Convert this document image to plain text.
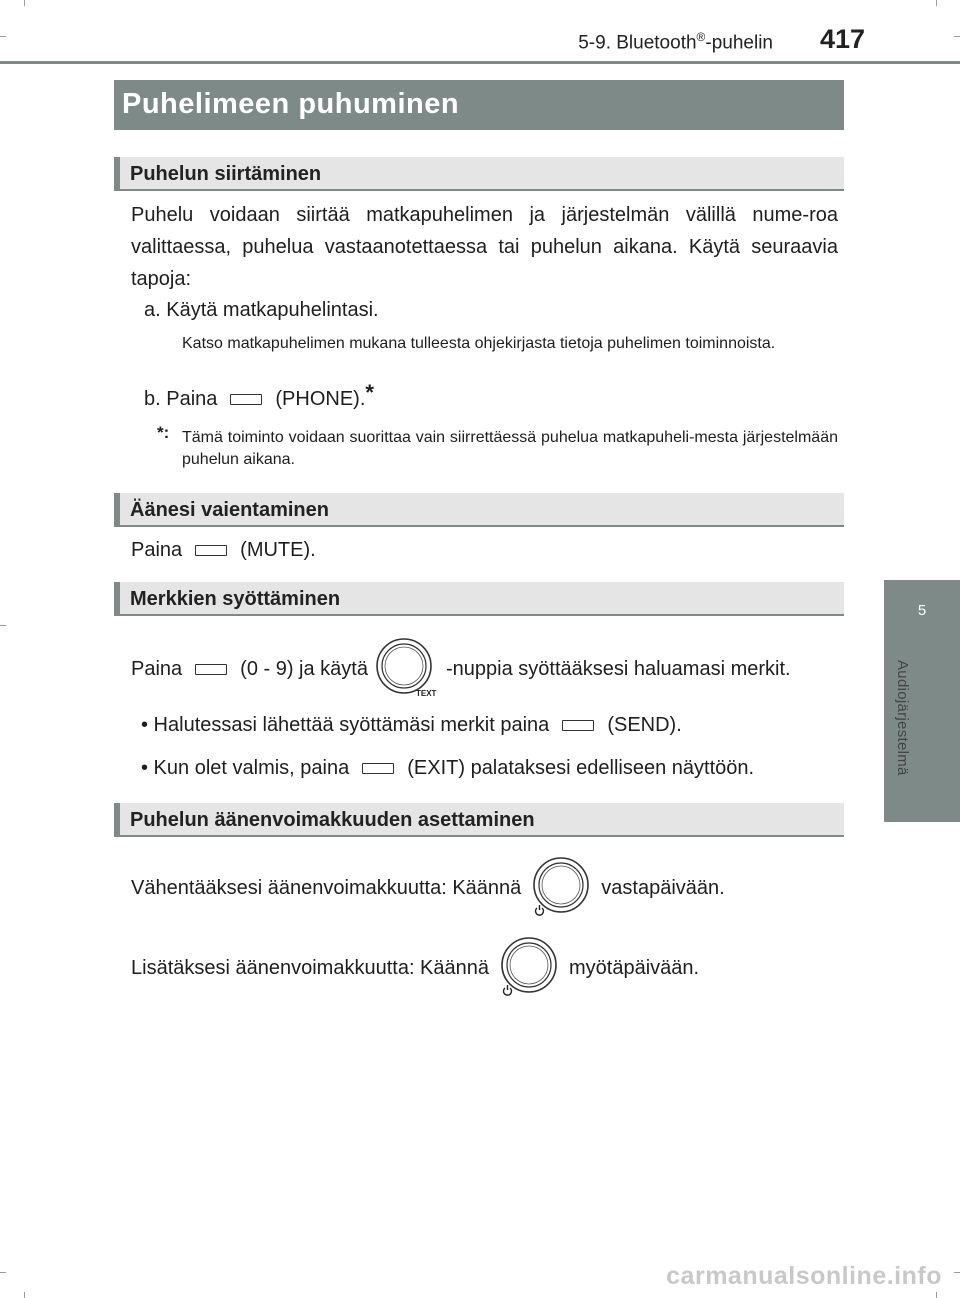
5-9. Bluetooth®-puhelin 417
5
Audiojärjestelmä
Puhelimeen puhuminen
Puhelun siirtäminen
Puhelu voidaan siirtää matkapuhelimen ja järjestelmän välillä nume-roa valittaessa, puhelua vastaanotettaessa tai puhelun aikana. Käytä seuraavia tapoja:
a. Käytä matkapuhelintasi.
Katso matkapuhelimen mukana tulleesta ohjekirjasta tietoja puhelimen toiminnoista.
b. Paina	(PHONE). *
*: Tämä toiminto voidaan suorittaa vain siirrettäessä puhelua matkapuheli-mesta järjestelmään puhelun aikana.
Äänesi vaientaminen
Paina	(MUTE).
Merkkien syöttäminen
Paina	(0 - 9) ja käytä
TEXT
-nuppia syöttääksesi haluamasi merkit.
• Halutessasi lähettää syöttämäsi merkit paina	(SEND).
• Kun olet valmis, paina	(EXIT) palataksesi edelliseen näyttöön.
Puhelun äänenvoimakkuuden asettaminen
Vähentääksesi äänenvoimakkuutta: Käännä	vastapäivään.
Lisätäksesi äänenvoimakkuutta: Käännä	myötäpäivään.
carmanualsonline.info
